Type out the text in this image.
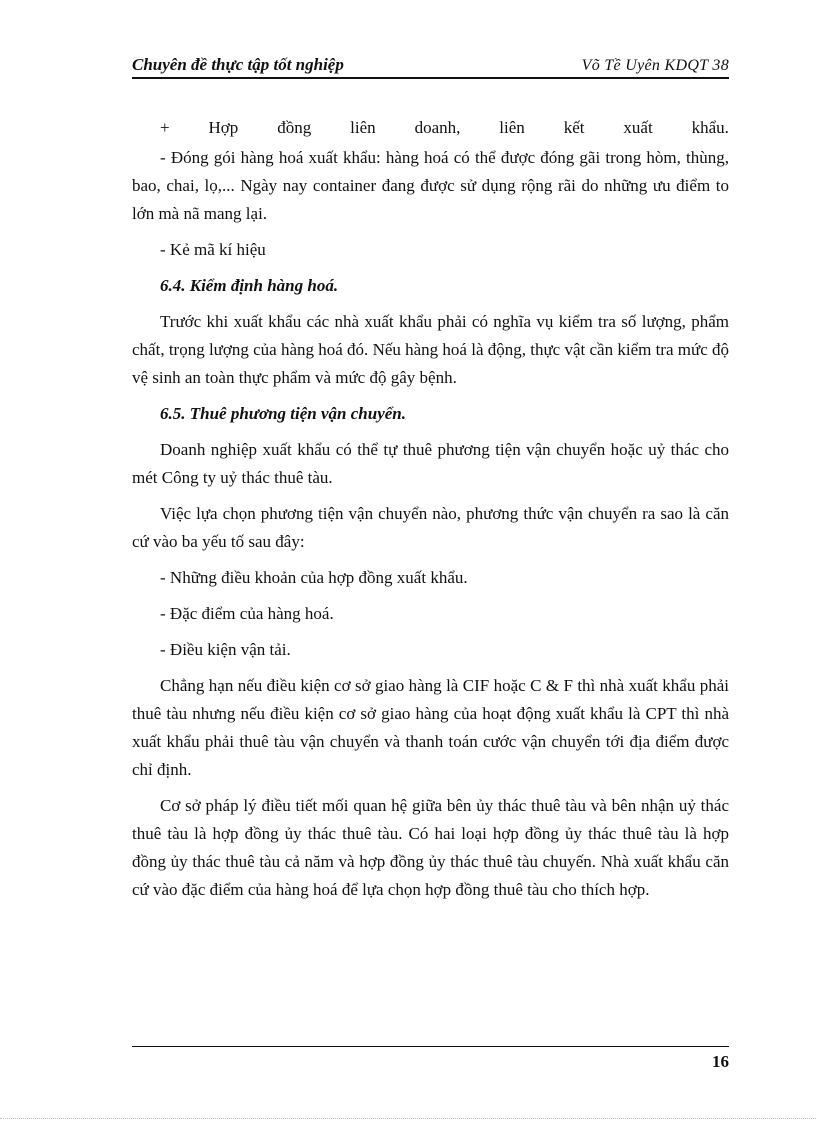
Chuyên đề thực tập tốt nghiệp	Võ Tề Uyên KDQT 38
+ Hợp đồng liên doanh, liên kết xuất khẩu.

- Đóng gói hàng hoá xuất khẩu: hàng hoá có thể được đóng gãi trong hòm, thùng, bao, chai, lọ,... Ngày nay container đang được sử dụng rộng rãi do những ưu điểm to lớn mà nã mang lại.

- Kẻ mã kí hiệu

6.4. Kiểm định hàng hoá.

Trước khi xuất khẩu các nhà xuất khẩu phải có nghĩa vụ kiểm tra số lượng, phẩm chất, trọng lượng của hàng hoá đó. Nếu hàng hoá là động, thực vật cần kiểm tra mức độ vệ sinh an toàn thực phẩm và mức độ gây bệnh.

6.5. Thuê phương tiện vận chuyển.

Doanh nghiệp xuất khẩu có thể tự thuê phương tiện vận chuyển hoặc uỷ thác cho mét Công ty uỷ thác thuê tàu.

Việc lựa chọn phương tiện vận chuyển nào, phương thức vận chuyển ra sao là căn cứ vào ba yếu tố sau đây:

- Những điều khoản của hợp đồng xuất khẩu.

- Đặc điểm của hàng hoá.

- Điều kiện vận tải.

Chẳng hạn nếu điều kiện cơ sở giao hàng là CIF hoặc C & F thì nhà xuất khẩu phải thuê tàu nhưng nếu điều kiện cơ sở giao hàng của hoạt động xuất khẩu là CPT thì nhà xuất khẩu phải thuê tàu vận chuyển và thanh toán cước vận chuyển tới địa điểm được chỉ định.

Cơ sở pháp lý điều tiết mối quan hệ giữa bên ủy thác thuê tàu và bên nhận uỷ thác thuê tàu là hợp đồng ủy thác thuê tàu. Có hai loại hợp đồng ủy thác thuê tàu là hợp đồng ủy thác thuê tàu cả năm và hợp đồng ủy thác thuê tàu chuyến. Nhà xuất khẩu căn cứ vào đặc điểm của hàng hoá để lựa chọn hợp đồng thuê tàu cho thích hợp.

16
